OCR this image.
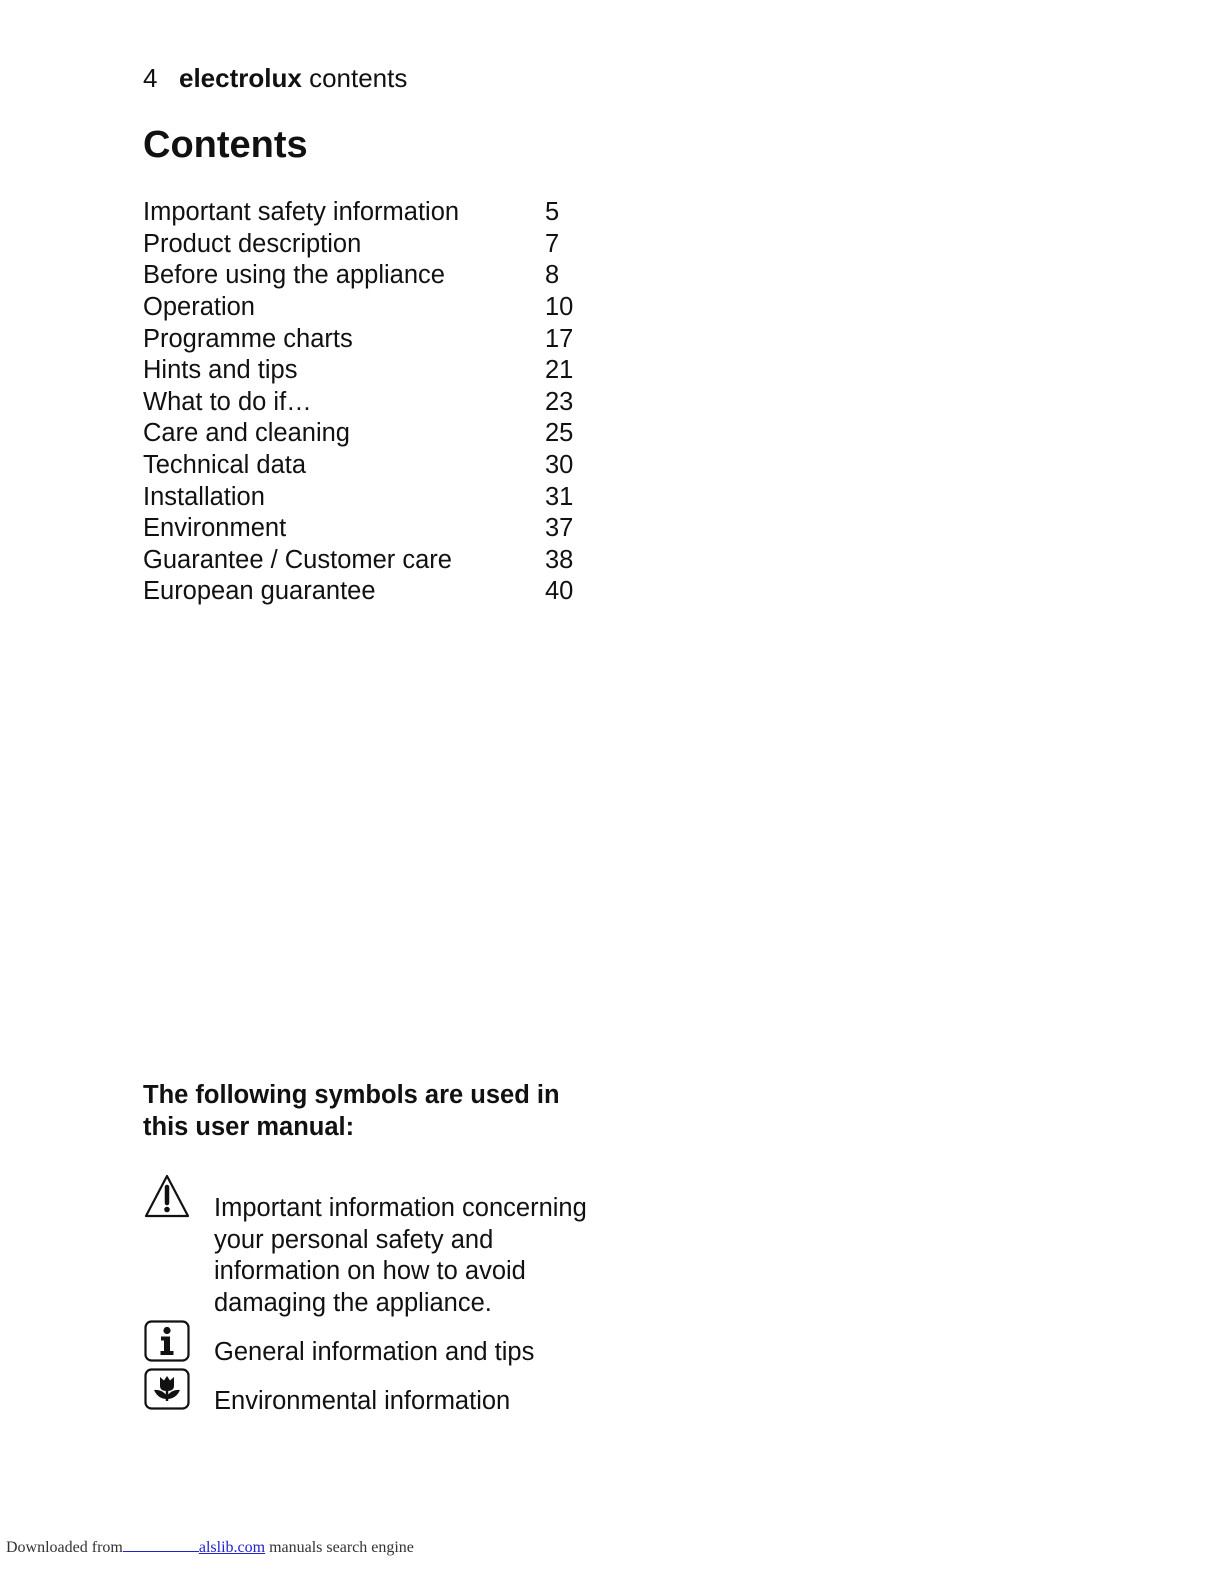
4 electrolux contents
Contents
Important safety information	5
Product description	7
Before using the appliance	8
Operation	10
Programme charts	17
Hints and tips	21
What to do if…	23
Care and cleaning	25
Technical data	30
Installation	31
Environment	37
Guarantee / Customer care	38
European guarantee	40
The following symbols are used in this user manual:
Important information concerning your personal safety and information on how to avoid damaging the appliance.
General information and tips
Environmental information
Downloaded from	alslib.com manuals search engine
